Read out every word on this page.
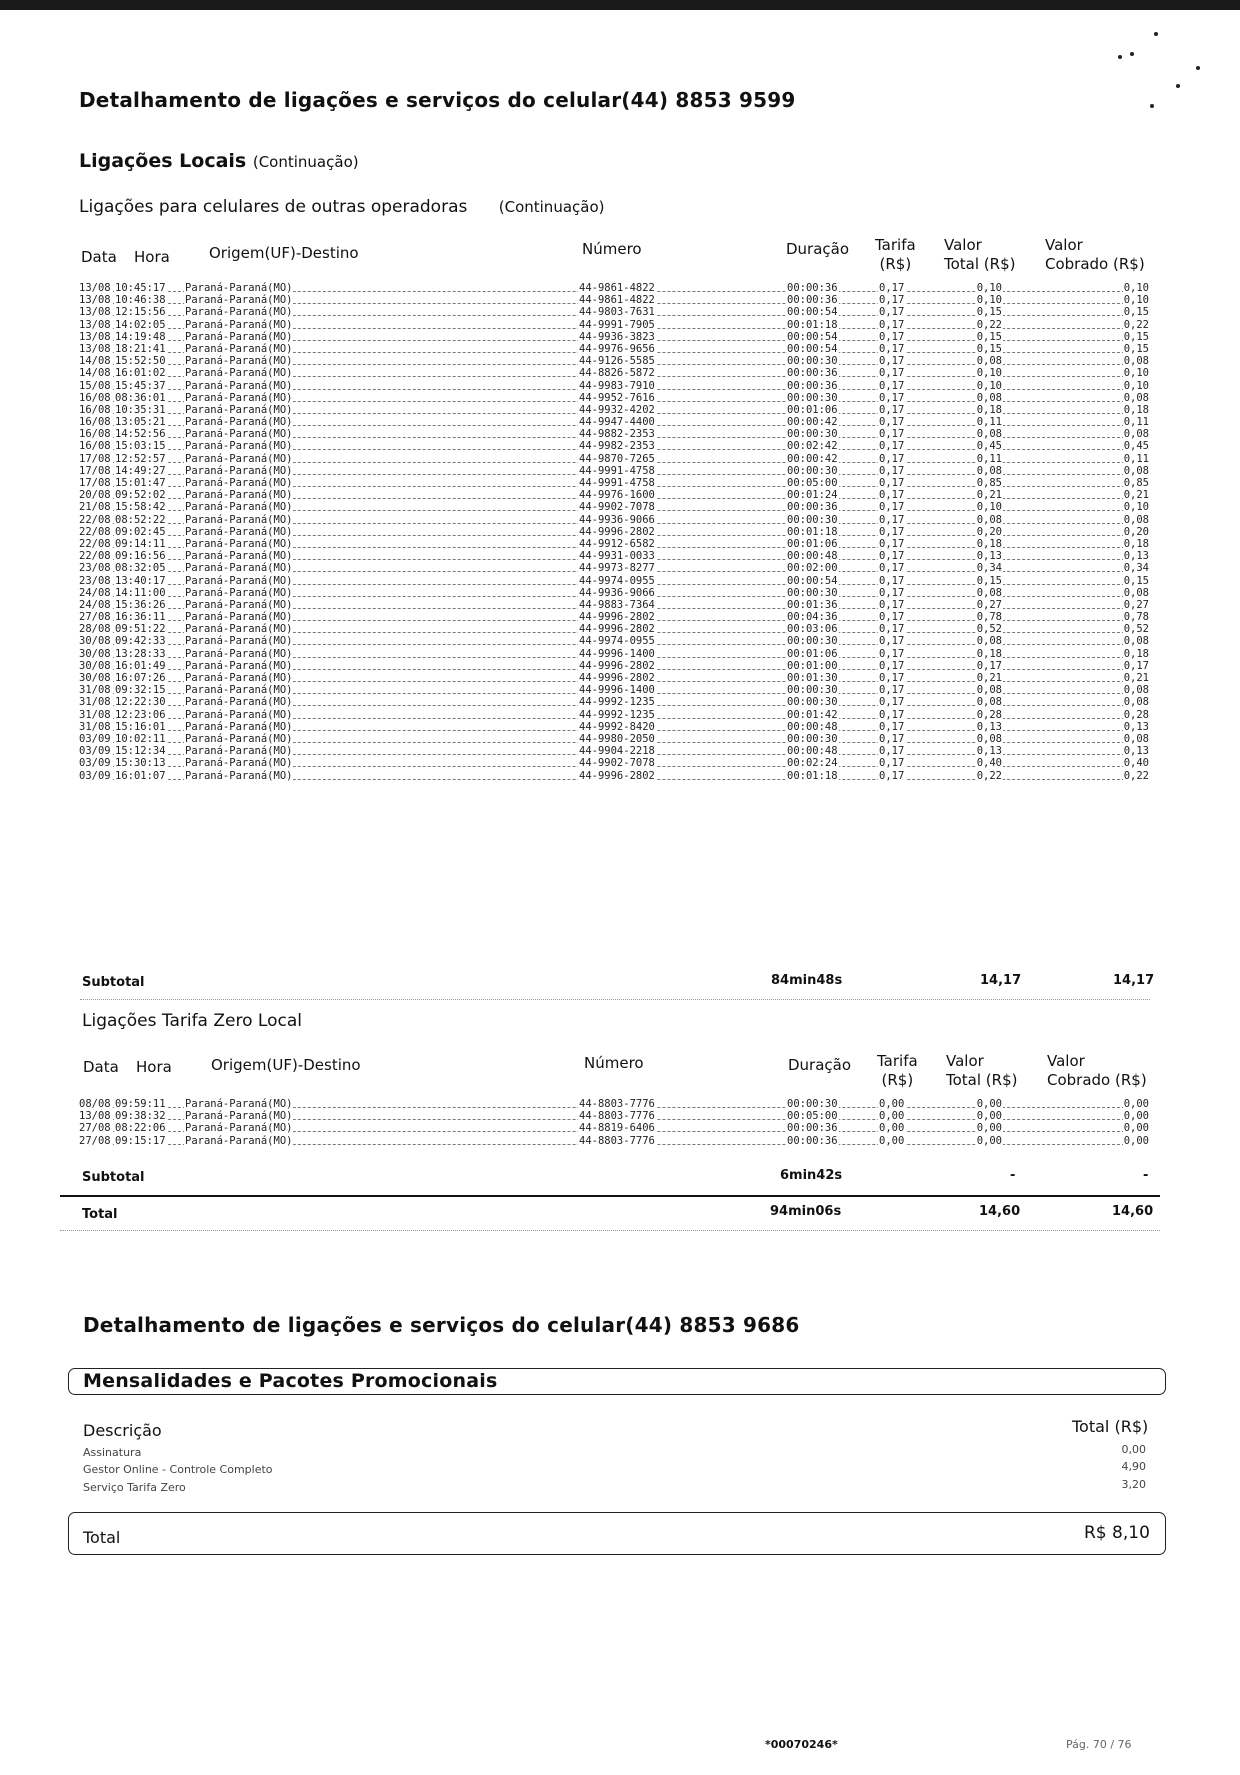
Detalhamento de ligações e serviços do celular(44) 8853 9599
Ligações Locais (Continuação)
Ligações para celulares de outras operadoras (Continuação)
Data Hora	Origem(UF)-Destino	Número	Duração Tarifa
(R$)
Valor
Total (R$)
Valor
Cobrado (R$)
13/08 10:45:17 Paraná-Paraná(MO)	44-9861-4822	00:00:36	0,17	0,10	0,10
13/08 10:46:38 Paraná-Paraná(MO)	44-9861-4822	00:00:36	0,17	0,10	0,10
13/08 12:15:56 Paraná-Paraná(MO)	44-9803-7631	00:00:54	0,17	0,15	0,15
13/08 14:02:05 Paraná-Paraná(MO)	44-9991-7905	00:01:18	0,17	0,22	0,22
13/08 14:19:48 Paraná-Paraná(MO)	44-9936-3823	00:00:54	0,17	0,15	0,15
13/08 18:21:41 Paraná-Paraná(MO)	44-9976-9656	00:00:54	0,17	0,15	0,15
14/08 15:52:50 Paraná-Paraná(MO)	44-9126-5585	00:00:30	0,17	0,08	0,08
14/08 16:01:02 Paraná-Paraná(MO)	44-8826-5872	00:00:36	0,17	0,10	0,10
15/08 15:45:37 Paraná-Paraná(MO)	44-9983-7910	00:00:36	0,17	0,10	0,10
16/08 08:36:01 Paraná-Paraná(MO)	44-9952-7616	00:00:30	0,17	0,08	0,08
16/08 10:35:31 Paraná-Paraná(MO)	44-9932-4202	00:01:06	0,17	0,18	0,18
16/08 13:05:21 Paraná-Paraná(MO)	44-9947-4400	00:00:42	0,17	0,11	0,11
16/08 14:52:56 Paraná-Paraná(MO)	44-9882-2353	00:00:30	0,17	0,08	0,08
16/08 15:03:15 Paraná-Paraná(MO)	44-9982-2353	00:02:42	0,17	0,45	0,45
17/08 12:52:57 Paraná-Paraná(MO)	44-9870-7265	00:00:42	0,17	0,11	0,11
17/08 14:49:27 Paraná-Paraná(MO)	44-9991-4758	00:00:30	0,17	0,08	0,08
17/08 15:01:47 Paraná-Paraná(MO)	44-9991-4758	00:05:00	0,17	0,85	0,85
20/08 09:52:02 Paraná-Paraná(MO)	44-9976-1600	00:01:24	0,17	0,21	0,21
21/08 15:58:42 Paraná-Paraná(MO)	44-9902-7078	00:00:36	0,17	0,10	0,10
22/08 08:52:22 Paraná-Paraná(MO)	44-9936-9066	00:00:30	0,17	0,08	0,08
22/08 09:02:45 Paraná-Paraná(MO)	44-9996-2802	00:01:18	0,17	0,20	0,20
22/08 09:14:11 Paraná-Paraná(MO)	44-9912-6582	00:01:06	0,17	0,18	0,18
22/08 09:16:56 Paraná-Paraná(MO)	44-9931-0033	00:00:48	0,17	0,13	0,13
23/08 08:32:05 Paraná-Paraná(MO)	44-9973-8277	00:02:00	0,17	0,34	0,34
23/08 13:40:17 Paraná-Paraná(MO)	44-9974-0955	00:00:54	0,17	0,15	0,15
24/08 14:11:00 Paraná-Paraná(MO)	44-9936-9066	00:00:30	0,17	0,08	0,08
24/08 15:36:26 Paraná-Paraná(MO)	44-9883-7364	00:01:36	0,17	0,27	0,27
27/08 16:36:11 Paraná-Paraná(MO)	44-9996-2802	00:04:36	0,17	0,78	0,78
28/08 09:51:22 Paraná-Paraná(MO)	44-9996-2802	00:03:06	0,17	0,52	0,52
30/08 09:42:33 Paraná-Paraná(MO)	44-9974-0955	00:00:30	0,17	0,08	0,08
30/08 13:28:33 Paraná-Paraná(MO)	44-9996-1400	00:01:06	0,17	0,18	0,18
30/08 16:01:49 Paraná-Paraná(MO)	44-9996-2802	00:01:00	0,17	0,17	0,17
30/08 16:07:26 Paraná-Paraná(MO)	44-9996-2802	00:01:30	0,17	0,21	0,21
31/08 09:32:15 Paraná-Paraná(MO)	44-9996-1400	00:00:30	0,17	0,08	0,08
31/08 12:22:30 Paraná-Paraná(MO)	44-9992-1235	00:00:30	0,17	0,08	0,08
31/08 12:23:06 Paraná-Paraná(MO)	44-9992-1235	00:01:42	0,17	0,28	0,28
31/08 15:16:01 Paraná-Paraná(MO)	44-9992-8420	00:00:48	0,17	0,13	0,13
03/09 10:02:11 Paraná-Paraná(MO)	44-9980-2050	00:00:30	0,17	0,08	0,08
03/09 15:12:34 Paraná-Paraná(MO)	44-9904-2218	00:00:48	0,17	0,13	0,13
03/09 15:30:13 Paraná-Paraná(MO)	44-9902-7078	00:02:24	0,17	0,40	0,40
03/09 16:01:07 Paraná-Paraná(MO)	44-9996-2802	00:01:18	0,17	0,22	0,22
Subtotal	84min48s	14,17	14,17
Ligações Tarifa Zero Local
Data Hora	Origem(UF)-Destino	Número	Duração Tarifa
(R$)
Valor
Total (R$)
Valor
Cobrado (R$)
08/08 09:59:11 Paraná-Paraná(MO)	44-8803-7776	00:00:30	0,00	0,00	0,00
13/08 09:38:32 Paraná-Paraná(MO)	44-8803-7776	00:05:00	0,00	0,00	0,00
27/08 08:22:06 Paraná-Paraná(MO)	44-8819-6406	00:00:36	0,00	0,00	0,00
27/08 09:15:17 Paraná-Paraná(MO)	44-8803-7776	00:00:36	0,00	0,00	0,00
Subtotal	6min42s	-	-
Total	94min06s	14,60	14,60
Detalhamento de ligações e serviços do celular(44) 8853 9686
Mensalidades e Pacotes Promocionais
Descrição	Total (R$)
Assinatura	0,00
Gestor Online - Controle Completo	4,90
Serviço Tarifa Zero	3,20
Total	R$ 8,10
*00070246*	Pág. 70 / 76
